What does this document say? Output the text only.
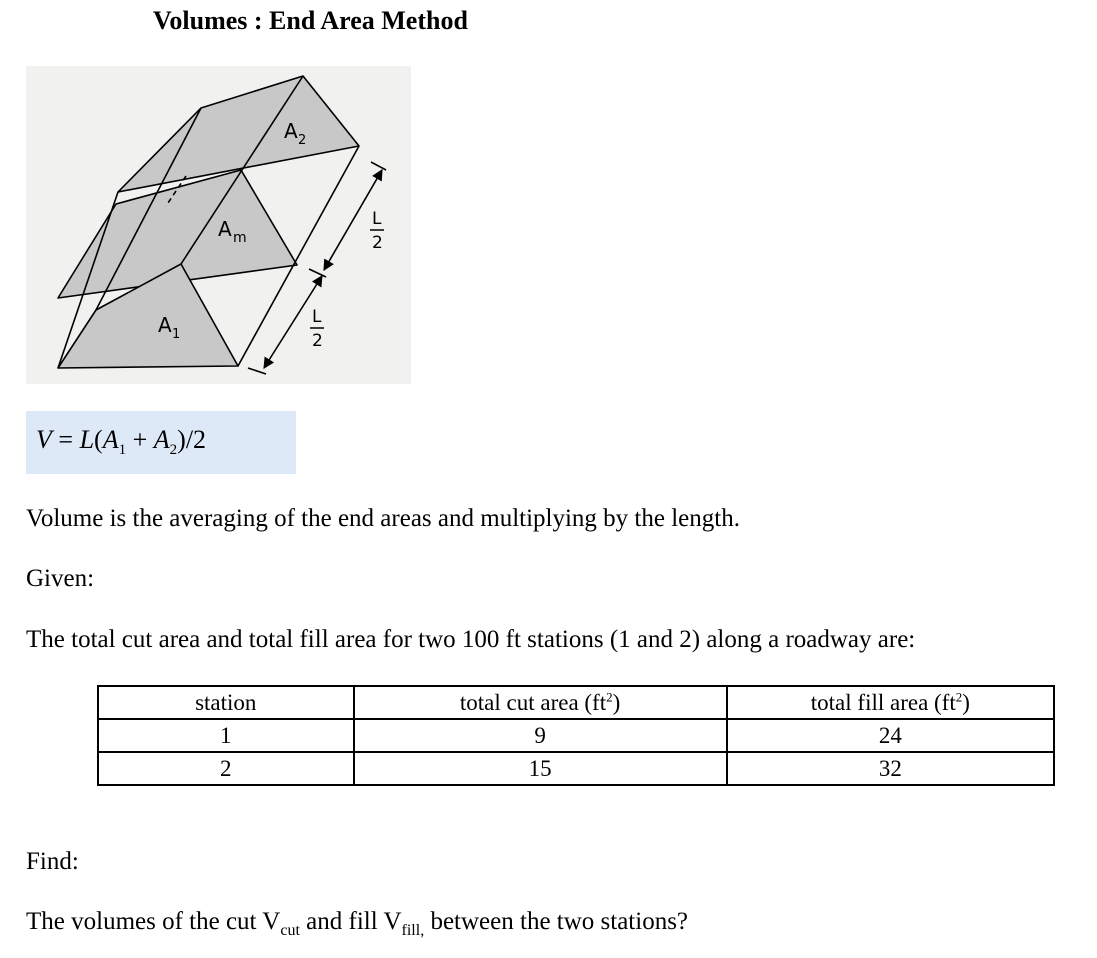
Volumes : End Area Method
A 2
A m
A 1
L
2
L
2
$V = L(A_1 + A_2)/2$
Volume is the averaging of the end areas and multiplying by the length.
Given:
The total cut area and total fill area for two 100 ft stations (1 and 2) along a roadway are:
station	total cut area $(ft^2)$	total fill area $(ft^2)$
1	9	24
2	15	32
Find:
The volumes of the cut $V_{cut}$ and fill $V_{fill,}$ between the two stations?
